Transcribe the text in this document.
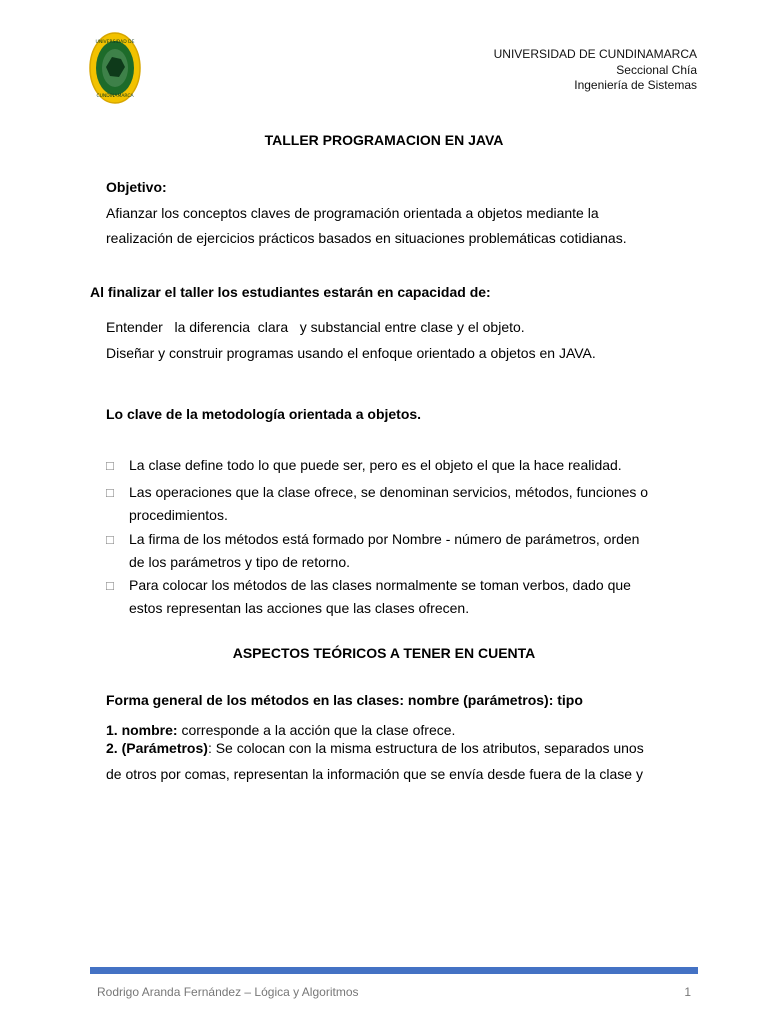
UNIVERSIDAD DE
CUNDINAMARCA
UNIVERSIDAD DE CUNDINAMARCA
Seccional Chía
Ingeniería de Sistemas
TALLER PROGRAMACION EN JAVA
Objetivo:
Afianzar los conceptos claves de programación orientada a objetos mediante la
realización de ejercicios prácticos basados en situaciones problemáticas cotidianas.
Al finalizar el taller los estudiantes estarán en capacidad de:
Entender   la diferencia  clara   y substancial entre clase y el objeto.
Diseñar y construir programas usando el enfoque orientado a objetos en JAVA.
Lo clave de la metodología orientada a objetos.
□ La clase define todo lo que puede ser, pero es el objeto el que la hace realidad.
□ Las operaciones que la clase ofrece, se denominan servicios, métodos, funciones o
procedimientos.
□ La firma de los métodos está formado por Nombre - número de parámetros, orden
de los parámetros y tipo de retorno.
□ Para colocar los métodos de las clases normalmente se toman verbos, dado que
estos representan las acciones que las clases ofrecen.
ASPECTOS TEÓRICOS A TENER EN CUENTA
Forma general de los métodos en las clases: nombre (parámetros): tipo
1. nombre: corresponde a la acción que la clase ofrece.
2. (Parámetros): Se colocan con la misma estructura de los atributos, separados unos
de otros por comas, representan la información que se envía desde fuera de la clase y
Rodrigo Aranda Fernández – Lógica y Algoritmos	1
